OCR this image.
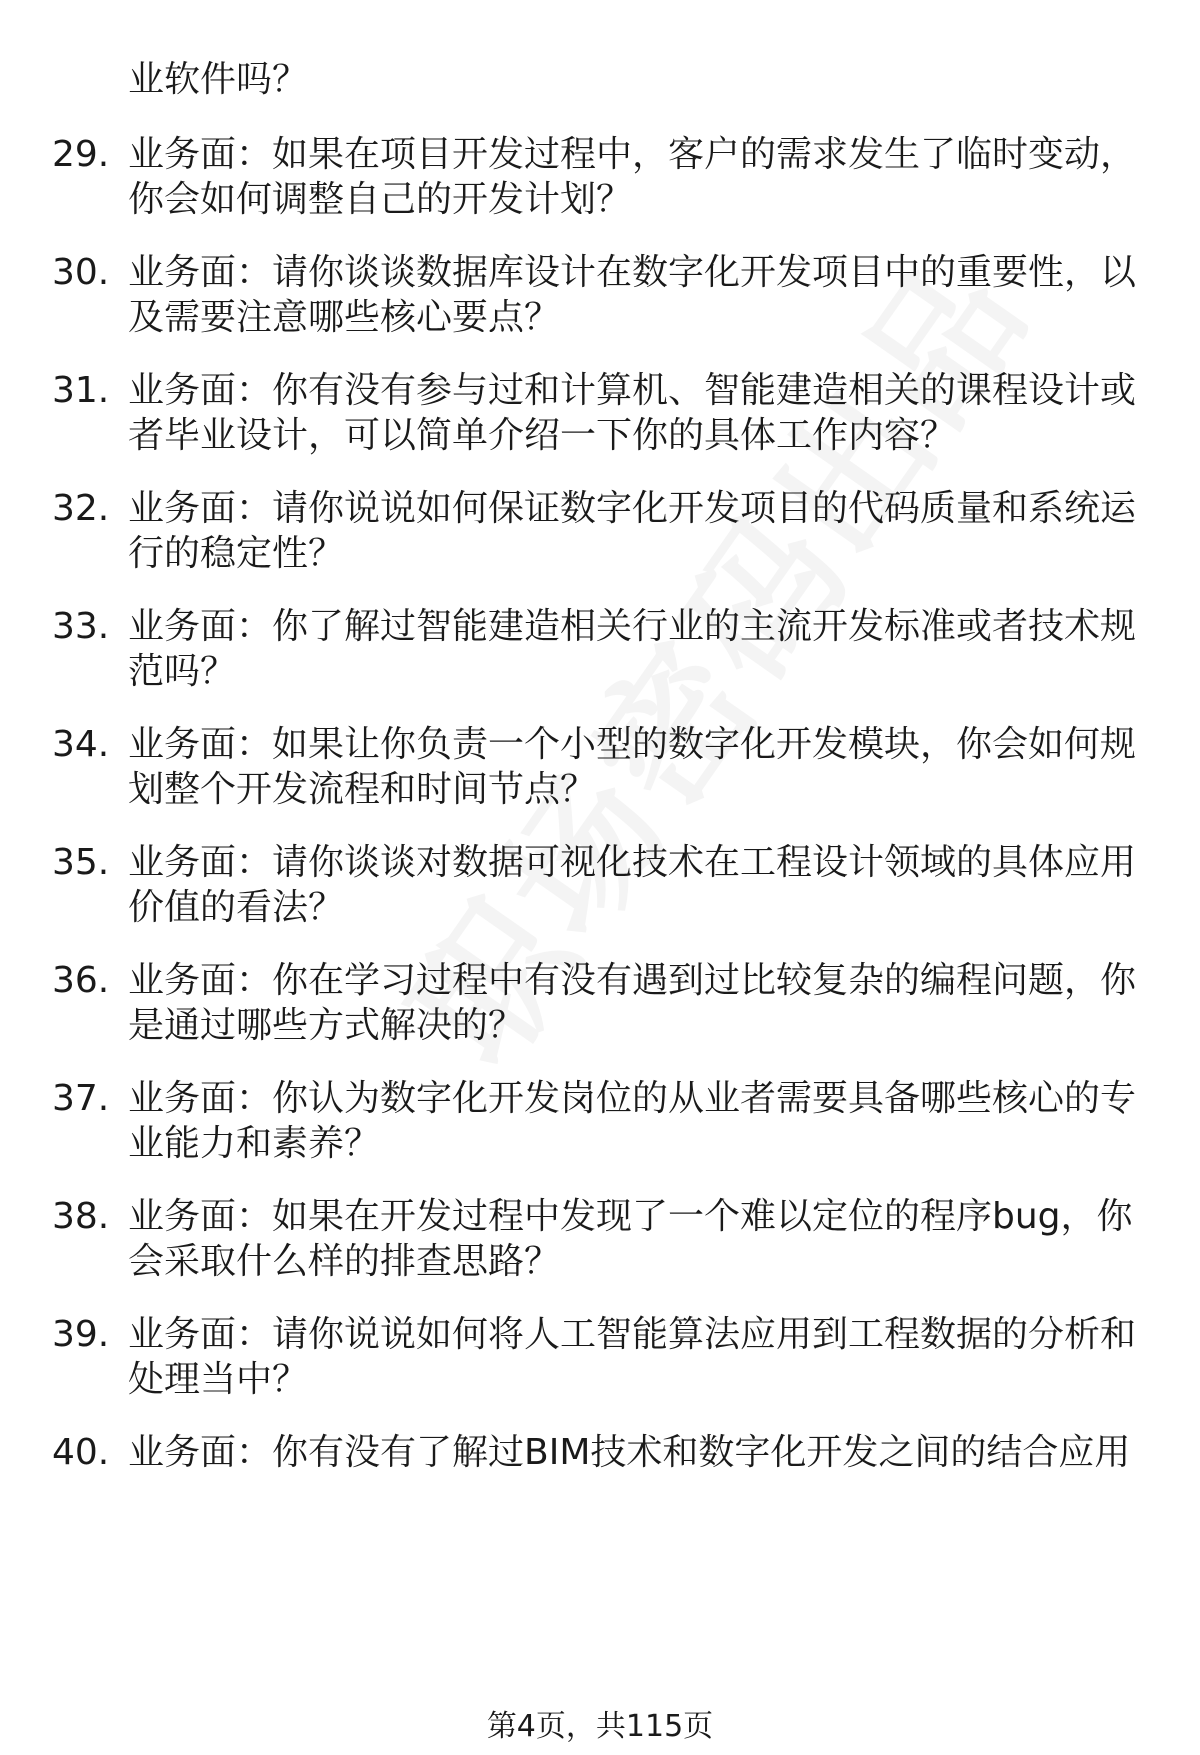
业软件吗？
29. 业务面：如果在项目开发过程中，客户的需求发生了临时变动，
你会如何调整自己的开发计划？
30. 业务面：请你谈谈数据库设计在数字化开发项目中的重要性，以
及需要注意哪些核心要点？
31. 业务面：你有没有参与过和计算机、智能建造相关的课程设计或
者毕业设计，可以简单介绍一下你的具体工作内容？
32. 业务面：请你说说如何保证数字化开发项目的代码质量和系统运
行的稳定性？
33. 业务面：你了解过智能建造相关行业的主流开发标准或者技术规
范吗？
34. 业务面：如果让你负责一个小型的数字化开发模块，你会如何规
划整个开发流程和时间节点？
35. 业务面：请你谈谈对数据可视化技术在工程设计领域的具体应用
价值的看法？
36. 业务面：你在学习过程中有没有遇到过比较复杂的编程问题，你
是通过哪些方式解决的？
37. 业务面：你认为数字化开发岗位的从业者需要具备哪些核心的专
业能力和素养？
38. 业务面：如果在开发过程中发现了一个难以定位的程序bug，你
会采取什么样的排查思路？
39. 业务面：请你说说如何将人工智能算法应用到工程数据的分析和
处理当中？
40. 业务面：你有没有了解过BIM技术和数字化开发之间的结合应用
第4页，共115页
